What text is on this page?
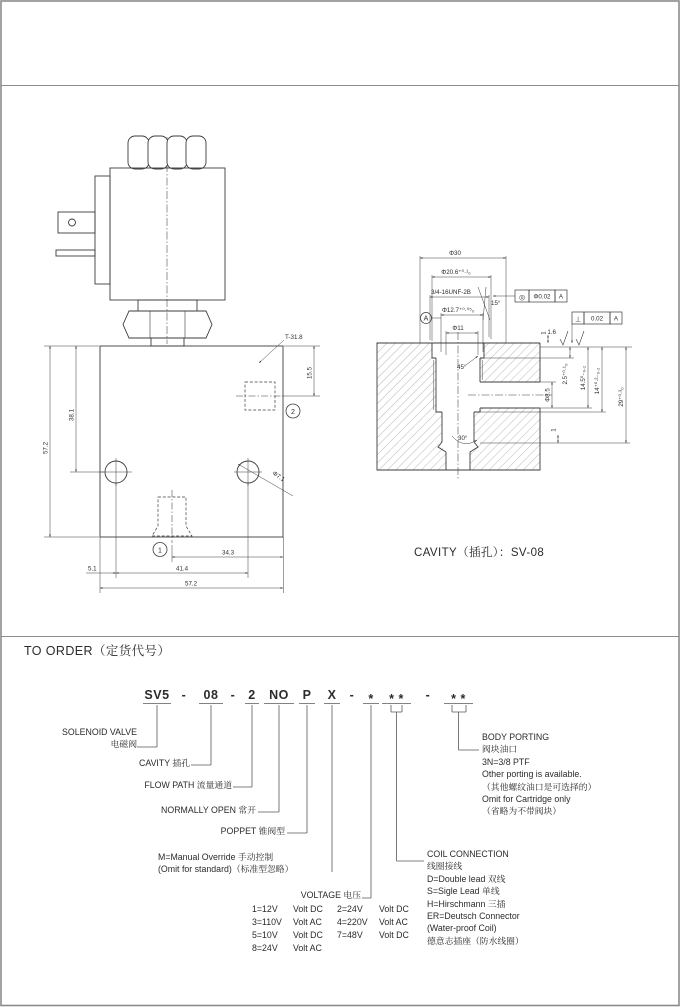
57.2
38.1
15.5
34.3
5.1	41.4
57.2
T-31.8
Φ7.1
1
2
Φ30
Φ20.6⁺⁰·¹₀
3/4-16UNF-2B
Φ12.7⁺⁰·⁰⁵₀
Φ11
15°
45°
30°
A
◎ Φ0.02 A
⊥ 0.02 A
2.5⁺⁰·¹₀ 14.5⁰₋₀.₂ 14⁺⁰·²₋₀.₂
29⁺⁰·³₀
Φ8.5
1
1 1.6
SV5 - 08 - 2 NO P X - * * * - * *
CAVITY（插孔）：SV-08
TO ORDER（定货代号）
SOLENOID VALVE
电磁阀
CAVITY 插孔
FLOW PATH 流量通道
NORMALLY OPEN 常开
POPPET 锥阀型
M=Manual Override 手动控制
(Omit for standard)（标准型忽略）
VOLTAGE 电压
1=12V Volt DC 2=24V Volt DC
3=110V Volt AC 4=220V Volt AC
5=10V Volt DC 7=48V Volt DC
8=24V Volt AC
BODY PORTING
阀块油口
3N=3/8 PTF
Other porting is available.
（其他螺纹油口是可选择的）
Omit for Cartridge only
（省略为不带阀块）
COIL CONNECTION
线圈接线
D=Double lead 双线
S=Sigle Lead 单线
H=Hirschmann 三插
ER=Deutsch Connector
(Water-proof Coil)
德意志插座（防水线圈）
